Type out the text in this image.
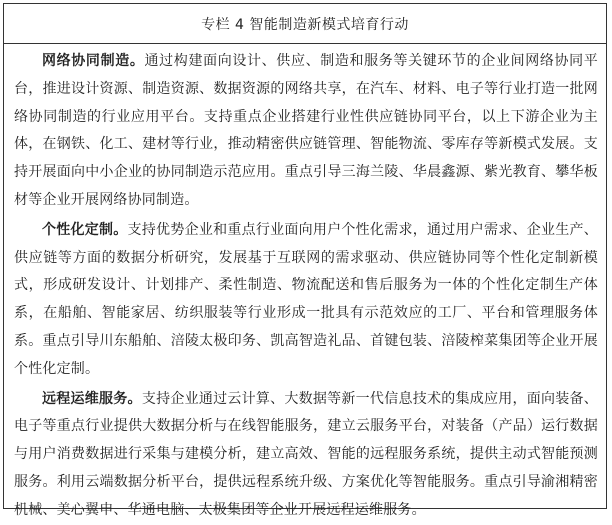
专栏 4 智能制造新模式培育行动

网络协同制造。通过构建面向设计、供应、制造和服务等关键环节的企业间网络协同平台，推进设计资源、制造资源、数据资源的网络共享，在汽车、材料、电子等行业打造一批网络协同制造的行业应用平台。支持重点企业搭建行业性供应链协同平台，以上下游企业为主体，在钢铁、化工、建材等行业，推动精密供应链管理、智能物流、零库存等新模式发展。支持开展面向中小企业的协同制造示范应用。重点引导三海兰陵、华晨鑫源、紫光教育、攀华板材等企业开展网络协同制造。

个性化定制。支持优势企业和重点行业面向用户个性化需求，通过用户需求、企业生产、供应链等方面的数据分析研究，发展基于互联网的需求驱动、供应链协同等个性化定制新模式，形成研发设计、计划排产、柔性制造、物流配送和售后服务为一体的个性化定制生产体系，在船舶、智能家居、纺织服装等行业形成一批具有示范效应的工厂、平台和管理服务体系。重点引导川东船舶、涪陵太极印务、凯高智造礼品、首键包装、涪陵榨菜集团等企业开展个性化定制。

远程运维服务。支持企业通过云计算、大数据等新一代信息技术的集成应用，面向装备、电子等重点行业提供大数据分析与在线智能服务，建立云服务平台，对装备（产品）运行数据与用户消费数据进行采集与建模分析，建立高效、智能的远程服务系统，提供主动式智能预测服务。利用云端数据分析平台，提供远程系统升级、方案优化等智能服务。重点引导渝湘精密机械、美心翼申、华通电脑、太极集团等企业开展远程运维服务。
